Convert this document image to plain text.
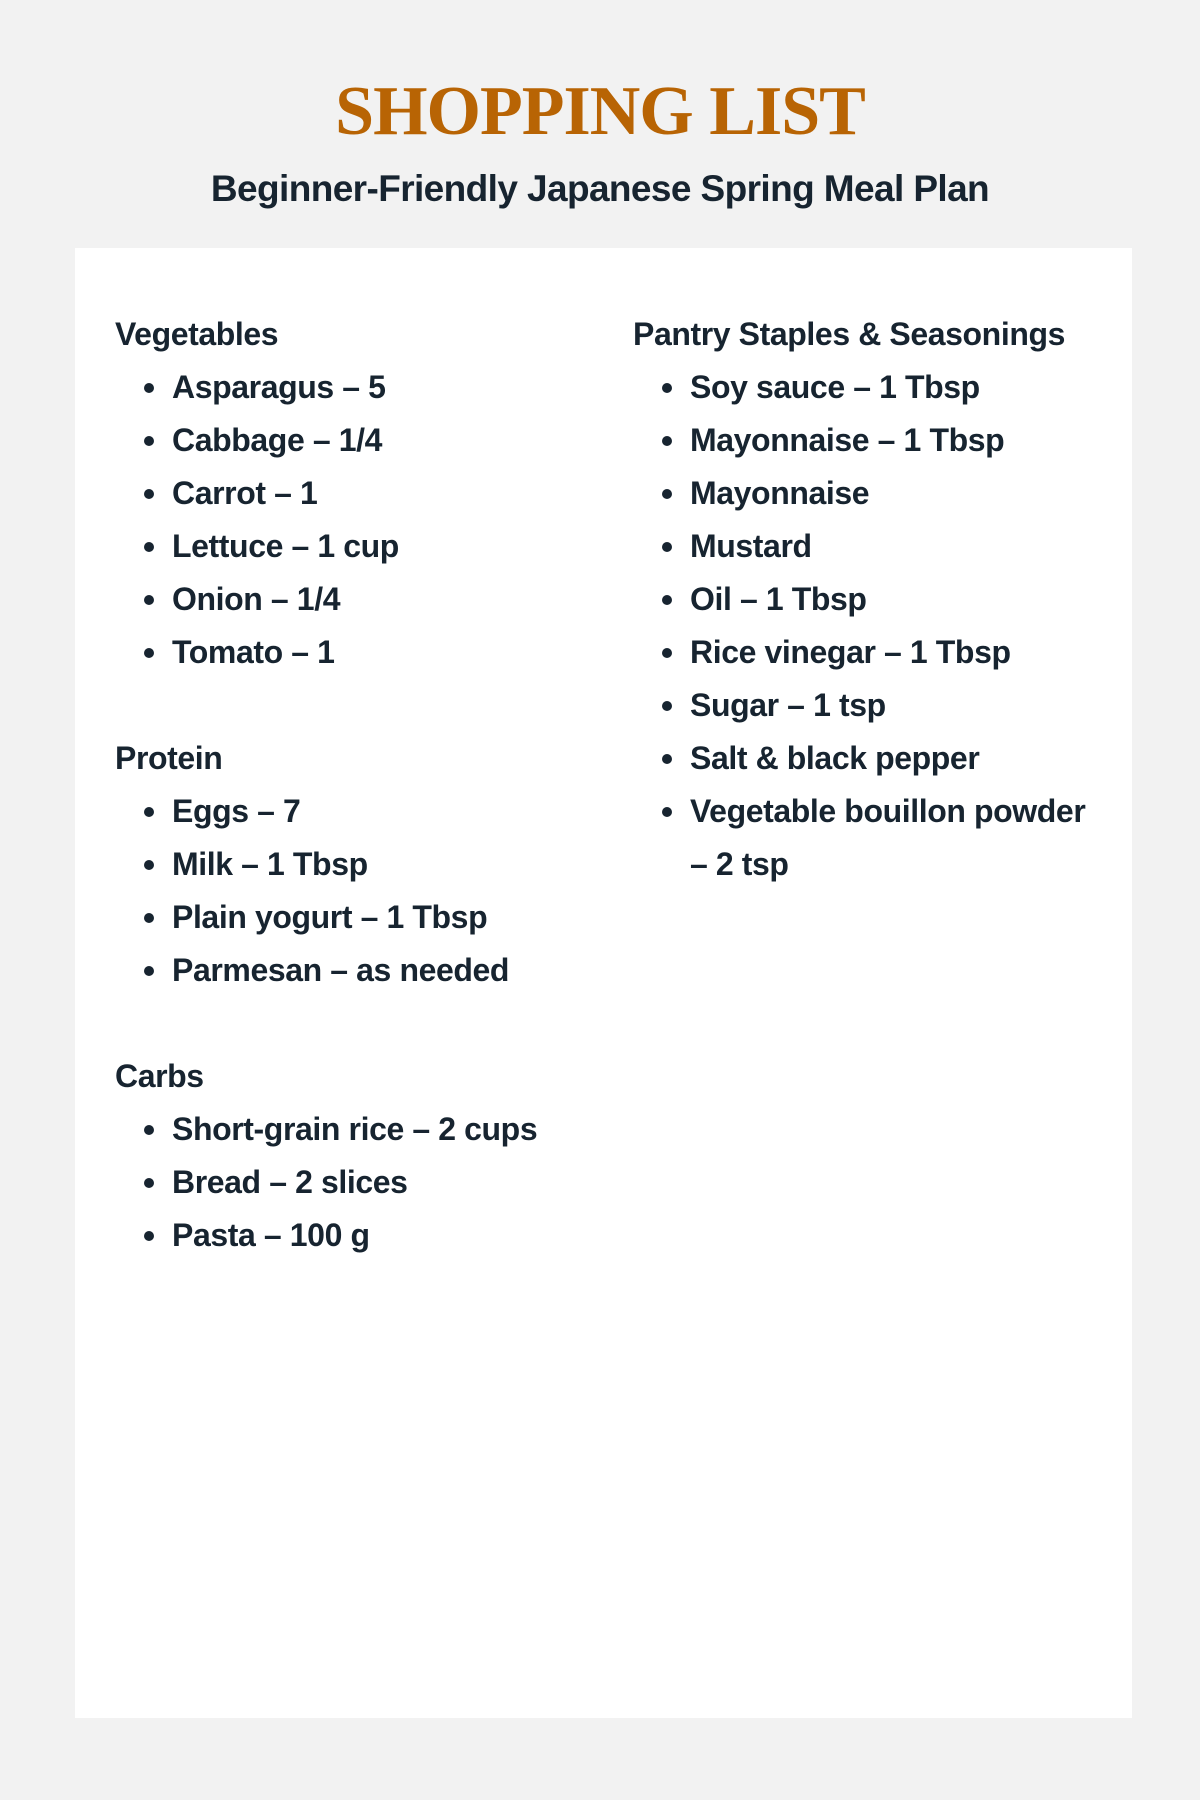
SHOPPING LIST
Beginner-Friendly Japanese Spring Meal Plan
Vegetables
Asparagus – 5
Cabbage – 1/4
Carrot – 1
Lettuce – 1 cup
Onion – 1/4
Tomato – 1
Protein
Eggs – 7
Milk – 1 Tbsp
Plain yogurt – 1 Tbsp
Parmesan – as needed
Carbs
Short-grain rice – 2 cups
Bread – 2 slices
Pasta – 100 g
Pantry Staples & Seasonings
Soy sauce – 1 Tbsp
Mayonnaise – 1 Tbsp
Mayonnaise
Mustard
Oil – 1 Tbsp
Rice vinegar – 1 Tbsp
Sugar – 1 tsp
Salt & black pepper
Vegetable bouillon powder – 2 tsp
